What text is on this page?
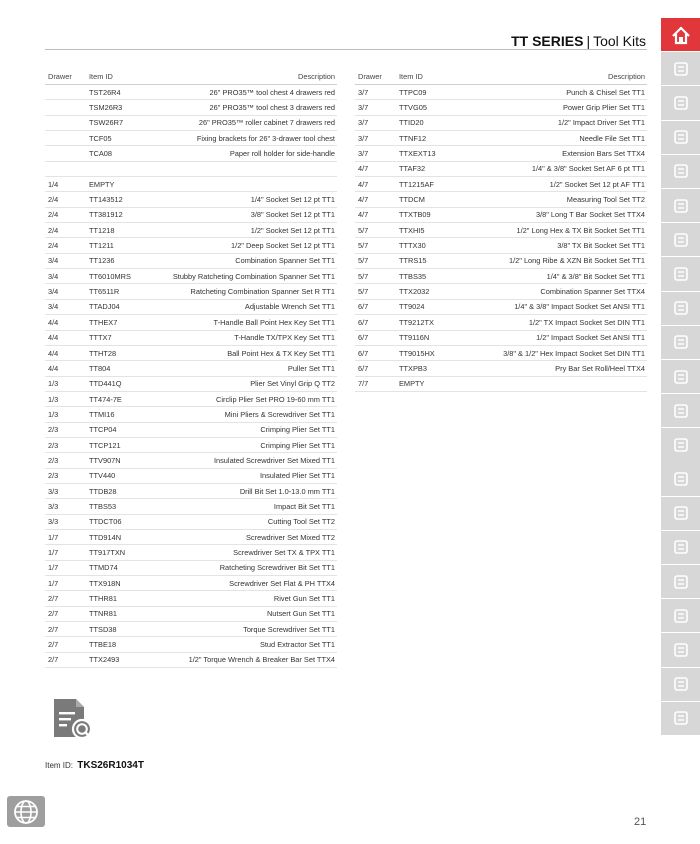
TT SERIES | Tool Kits
Drawer	Item ID	Description
	TST26R4	26" PRO35™ tool chest 4 drawers red
	TSM26R3	26" PRO35™ tool chest 3 drawers red
	TSW26R7	26" PRO35™ roller cabinet 7 drawers red
	TCF05	Fixing brackets for 26" 3-drawer tool chest
	TCA08	Paper roll holder for side-handle

1/4	EMPTY	
2/4	TT143512	1/4" Socket Set 12 pt TT1
2/4	TT381912	3/8" Socket Set 12 pt TT1
2/4	TT1218	1/2" Socket Set 12 pt TT1
2/4	TT1211	1/2" Deep Socket Set 12 pt TT1
3/4	TT1236	Combination Spanner Set TT1
3/4	TT6010MRS	Stubby Ratcheting Combination Spanner Set TT1
3/4	TT6511R	Ratcheting Combination Spanner Set R TT1
3/4	TTADJ04	Adjustable Wrench Set TT1
4/4	TTHEX7	T-Handle Ball Point Hex Key Set TT1
4/4	TTTX7	T-Handle TX/TPX Key Set TT1
4/4	TTHT28	Ball Point Hex & TX Key Set TT1
4/4	TT804	Puller Set TT1
1/3	TTD441Q	Plier Set Vinyl Grip Q TT2
1/3	TT474-7E	Circlip Plier Set PRO 19-60 mm TT1
1/3	TTMI16	Mini Pliers & Screwdriver Set TT1
2/3	TTCP04	Crimping Plier Set TT1
2/3	TTCP121	Crimping Plier Set TT1
2/3	TTV907N	Insulated Screwdriver Set Mixed TT1
2/3	TTV440	Insulated Plier Set TT1
3/3	TTDB28	Drill Bit Set 1.0-13.0 mm TT1
3/3	TTBS53	Impact Bit Set TT1
3/3	TTDCT06	Cutting Tool Set TT2
1/7	TTD914N	Screwdriver Set Mixed TT2
1/7	TT917TXN	Screwdriver Set TX & TPX TT1
1/7	TTMD74	Ratcheting Screwdriver Bit Set TT1
1/7	TTX918N	Screwdriver Set Flat & PH TTX4
2/7	TTHR81	Rivet Gun Set TT1
2/7	TTNR81	Nutsert Gun Set TT1
2/7	TTSD38	Torque Screwdriver Set TT1
2/7	TTBE18	Stud Extractor Set TT1
2/7	TTX2493	1/2" Torque Wrench & Breaker Bar Set TTX4
Drawer	Item ID	Description
3/7	TTPC09	Punch & Chisel Set TT1
3/7	TTVG05	Power Grip Plier Set TT1
3/7	TTID20	1/2" Impact Driver Set TT1
3/7	TTNF12	Needle File Set TT1
3/7	TTXEXT13	Extension Bars Set TTX4
4/7	TTAF32	1/4" & 3/8" Socket Set AF 6 pt TT1
4/7	TT1215AF	1/2" Socket Set 12 pt AF TT1
4/7	TTDCM	Measuring Tool Set TT2
4/7	TTXTB09	3/8" Long T Bar Socket Set TTX4
5/7	TTXHI5	1/2" Long Hex & TX Bit Socket Set TT1
5/7	TTTX30	3/8" TX Bit Socket Set TT1
5/7	TTRS15	1/2" Long Ribe & XZN Bit Socket Set TT1
5/7	TTBS35	1/4" & 3/8" Bit Socket Set TT1
5/7	TTX2032	Combination Spanner Set TTX4
6/7	TT9024	1/4" & 3/8" Impact Socket Set ANSI TT1
6/7	TT9212TX	1/2" TX Impact Socket Set DIN TT1
6/7	TT9116N	1/2" Impact Socket Set ANSI TT1
6/7	TT9015HX	3/8" & 1/2" Hex Impact Socket Set DIN TT1
6/7	TTXPB3	Pry Bar Set Roll/Heel TTX4
7/7	EMPTY	
Item ID: TKS26R1034T
21
